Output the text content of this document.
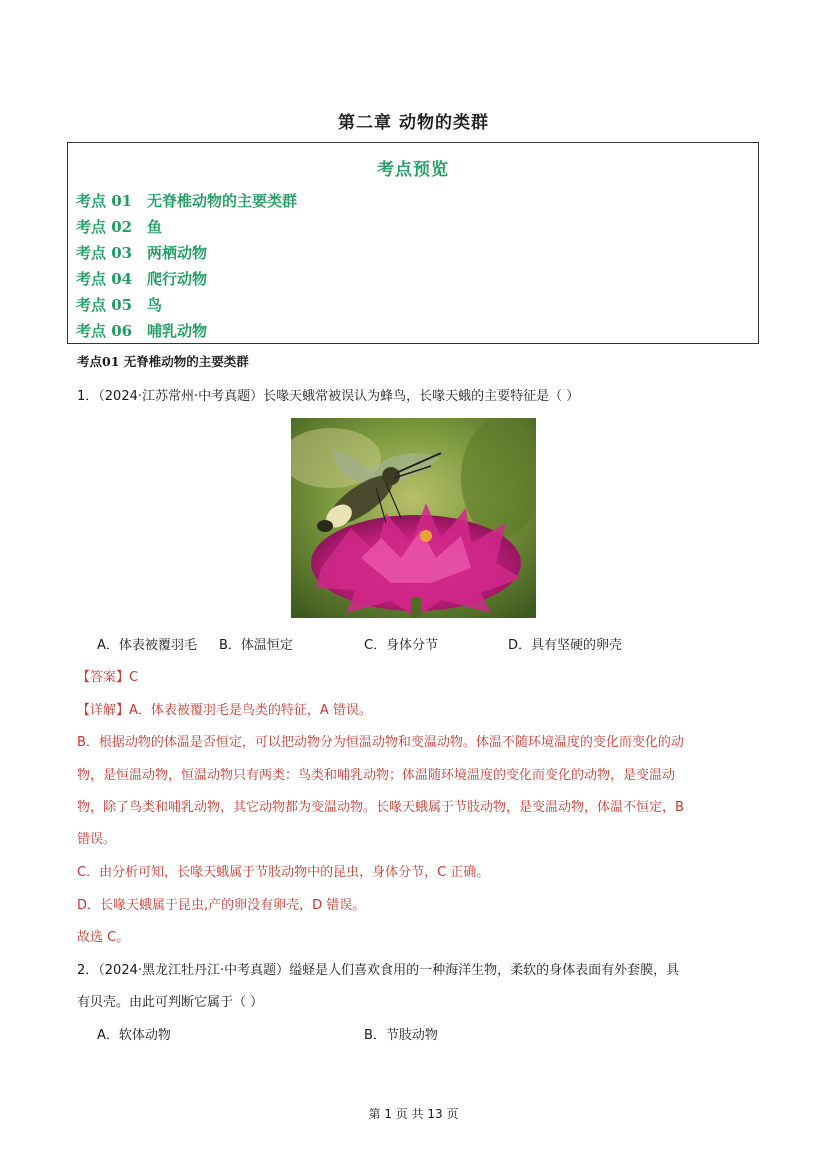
第二章 动物的类群
考点预览
考点 01 无脊椎动物的主要类群
考点 02 鱼
考点 03 两栖动物
考点 04 爬行动物
考点 05 鸟
考点 06 哺乳动物
考点01 无脊椎动物的主要类群
1．（2024·江苏常州·中考真题）长喙天蛾常被误认为蜂鸟，长喙天蛾的主要特征是（ ）
A．体表被覆羽毛 B．体温恒定	C．身体分节	D．具有坚硬的卵壳
【答案】C
【详解】A．体表被覆羽毛是鸟类的特征，A 错误。
B．根据动物的体温是否恒定，可以把动物分为恒温动物和变温动物。体温不随环境温度的变化而变化的动
物，是恒温动物，恒温动物只有两类：鸟类和哺乳动物；体温随环境温度的变化而变化的动物，是变温动
物，除了鸟类和哺乳动物，其它动物都为变温动物。长喙天蛾属于节肢动物，是变温动物，体温不恒定，B
错误。
C．由分析可知，长喙天蛾属于节肢动物中的昆虫，身体分节，C 正确。
D．长喙天蛾属于昆虫,产的卵没有卵壳，D 错误。
故选 C。
2．（2024·黑龙江牡丹江·中考真题）缢蛏是人们喜欢食用的一种海洋生物，柔软的身体表面有外套膜，具
有贝壳。由此可判断它属于（ ）
A．软体动物	B．节肢动物
第 1 页 共 13 页
